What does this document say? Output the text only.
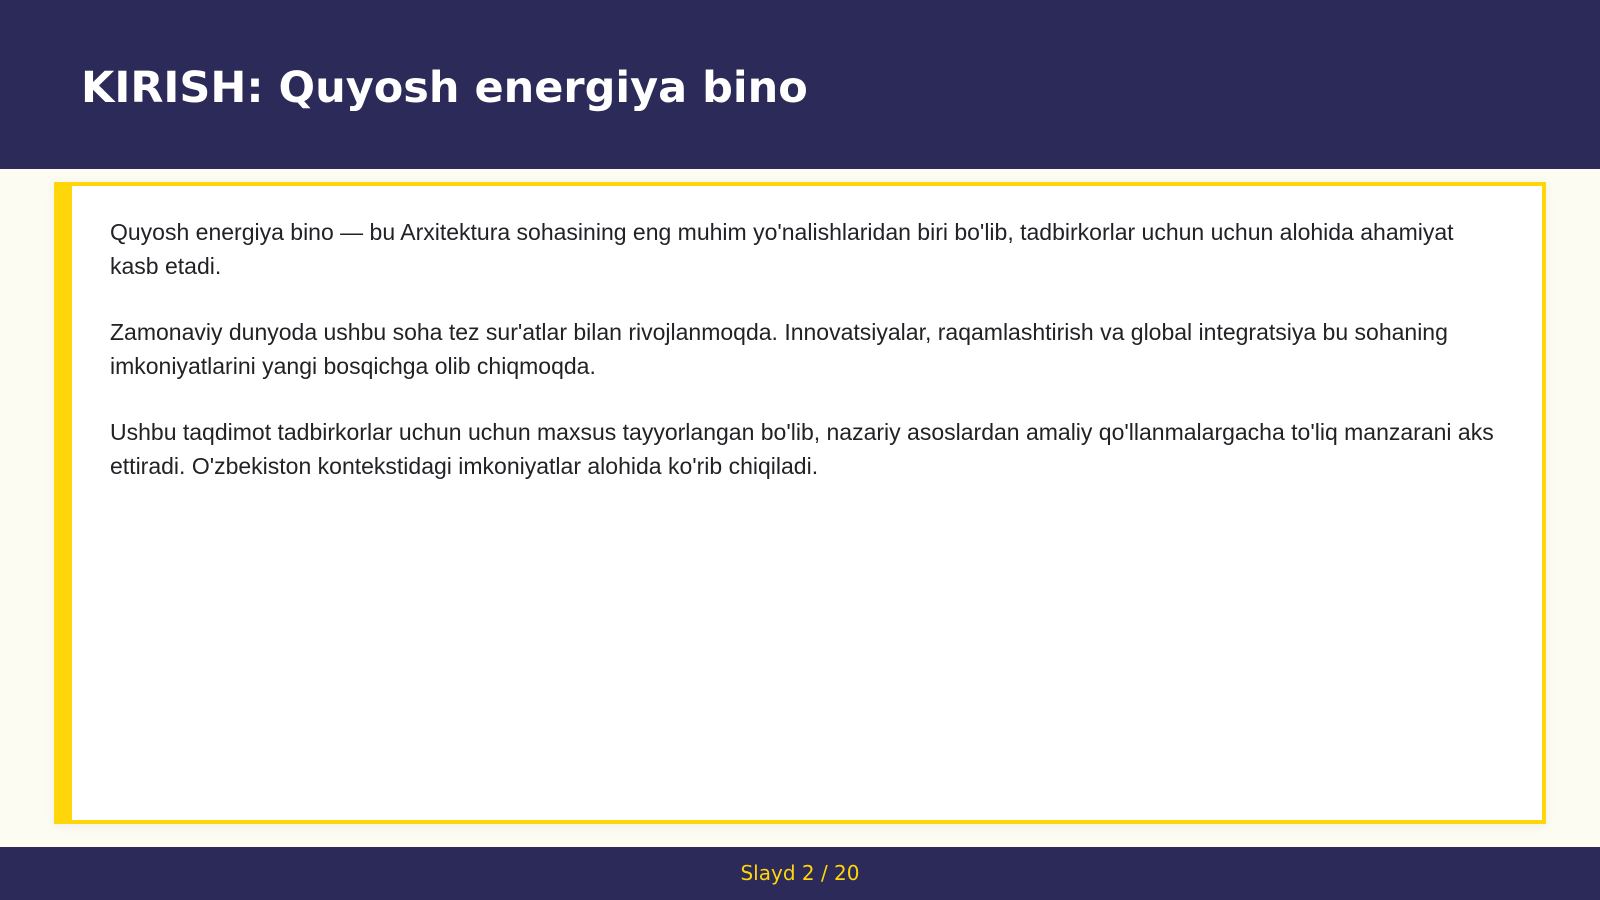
KIRISH: Quyosh energiya bino

Quyosh energiya bino — bu Arxitektura sohasining eng muhim yo'nalishlaridan biri bo'lib, tadbirkorlar uchun uchun alohida ahamiyat kasb etadi.

Zamonaviy dunyoda ushbu soha tez sur'atlar bilan rivojlanmoqda. Innovatsiyalar, raqamlashtirish va global integratsiya bu sohaning imkoniyatlarini yangi bosqichga olib chiqmoqda.

Ushbu taqdimot tadbirkorlar uchun uchun maxsus tayyorlangan bo'lib, nazariy asoslardan amaliy qo'llanmalargacha to'liq manzarani aks ettiradi. O'zbekiston kontekstidagi imkoniyatlar alohida ko'rib chiqiladi.

Slayd 2 / 20
